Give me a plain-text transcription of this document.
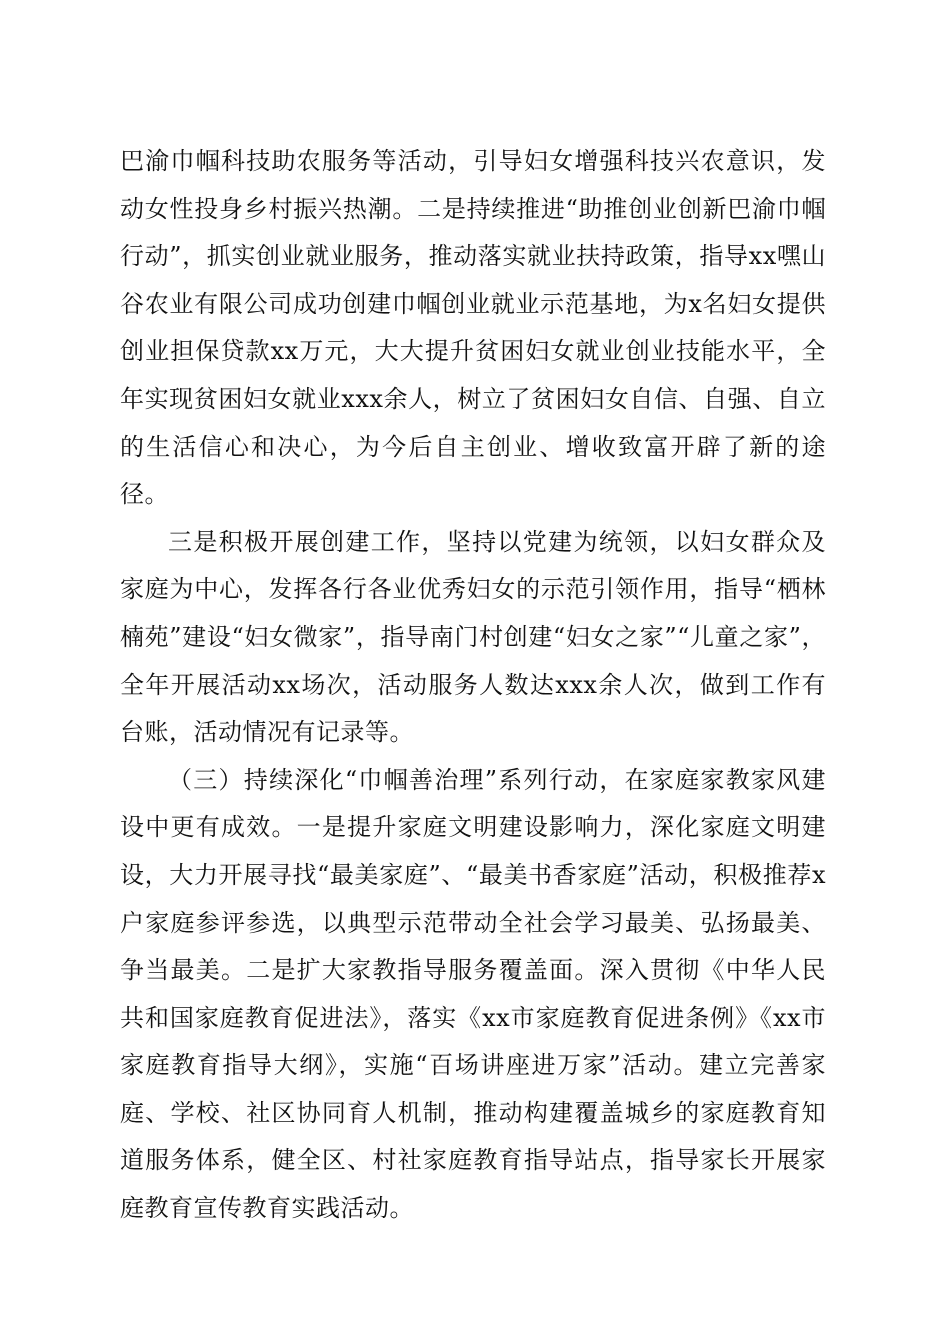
巴渝巾帼科技助农服务等活动，引导妇女增强科技兴农意识，发动女性投身乡村振兴热潮。二是持续推进“助推创业创新巴渝巾帼行动”，抓实创业就业服务，推动落实就业扶持政策，指导xx嘿山谷农业有限公司成功创建巾帼创业就业示范基地，为x名妇女提供创业担保贷款xx万元，大大提升贫困妇女就业创业技能水平，全年实现贫困妇女就业xxx余人，树立了贫困妇女自信、自强、自立的生活信心和决心，为今后自主创业、增收致富开辟了新的途径。

三是积极开展创建工作，坚持以党建为统领，以妇女群众及家庭为中心，发挥各行各业优秀妇女的示范引领作用，指导“栖林楠苑”建设“妇女微家”，指导南门村创建“妇女之家”“儿童之家”，全年开展活动xx场次，活动服务人数达xxx余人次，做到工作有台账，活动情况有记录等。

（三）持续深化“巾帼善治理”系列行动，在家庭家教家风建设中更有成效。一是提升家庭文明建设影响力，深化家庭文明建设，大力开展寻找“最美家庭”、“最美书香家庭”活动，积极推荐x户家庭参评参选，以典型示范带动全社会学习最美、弘扬最美、争当最美。二是扩大家教指导服务覆盖面。深入贯彻《中华人民共和国家庭教育促进法》，落实《xx市家庭教育促进条例》《xx市家庭教育指导大纲》，实施“百场讲座进万家”活动。建立完善家庭、学校、社区协同育人机制，推动构建覆盖城乡的家庭教育知道服务体系，健全区、村社家庭教育指导站点，指导家长开展家庭教育宣传教育实践活动。
